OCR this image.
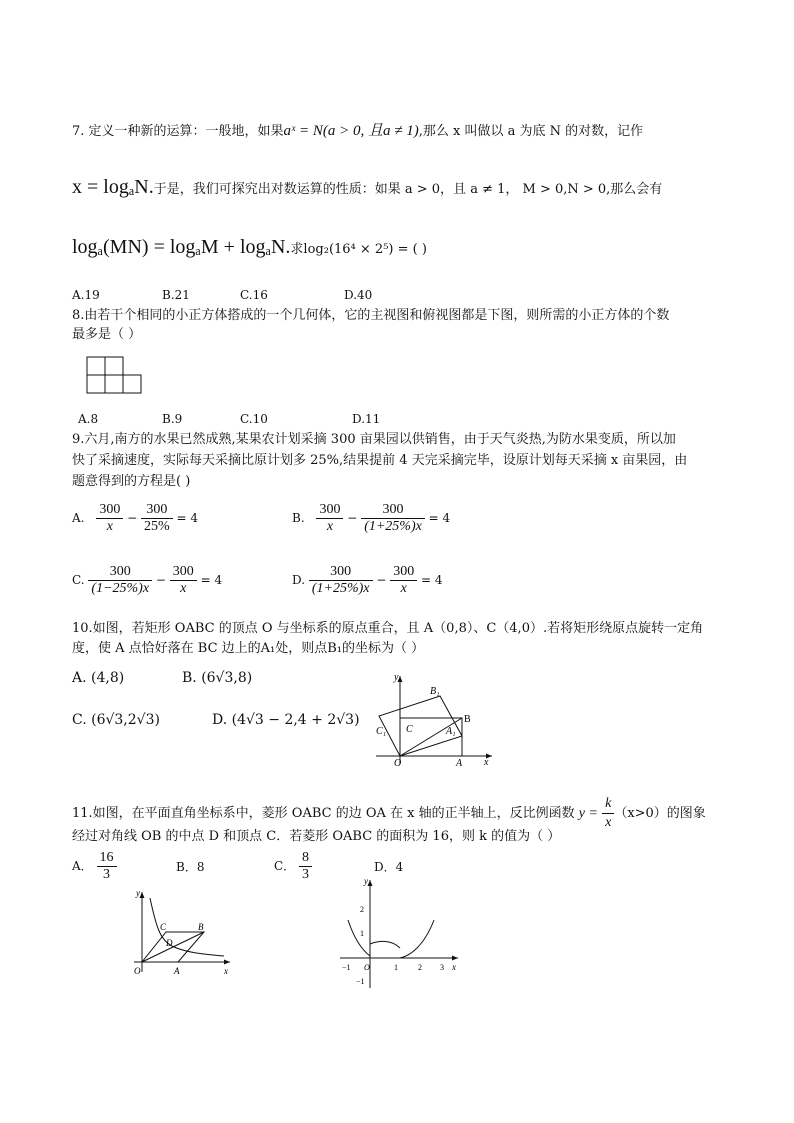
7. 定义一种新的运算：一般地，如果aˣ = N(a > 0, 且a ≠ 1),那么 x 叫做以 a 为底 N 的对数，记作
x = logₐN.于是，我们可探究出对数运算的性质：如果 a > 0，且 a ≠ 1， M > 0,N > 0,那么会有
logₐ(MN) = logₐM + logₐN.求log₂(16⁴ × 2⁵) = ( )
A.19	B.21	C.16	D.40
8.由若干个相同的小正方体搭成的一个几何体，它的主视图和俯视图都是下图，则所需的小正方体的个数
最多是（ ）
A.8	B.9	C.10	D.11
9.六月,南方的水果已然成熟,某果农计划采摘 300 亩果园以供销售，由于天气炎热,为防水果变质，所以加
快了采摘速度，实际每天采摘比原计划多 25%,结果提前 4 天完采摘完毕，设原计划每天采摘 x 亩果园，由
题意得到的方程是( )
A. $\frac{300}{x} - \frac{300}{25\%} = 4$	B. $\frac{300}{x} - \frac{300}{(1+25\%)x} = 4$
C. $\frac{300}{(1-25\%)x} - \frac{300}{x} = 4$	D. $\frac{300}{(1+25\%)x} - \frac{300}{x} = 4$
10.如图，若矩形 OABC 的顶点 O 与坐标系的原点重合，且 A（0,8）、C（4,0）.若将矩形绕原点旋转一定角
度，使 A 点恰好落在 BC 边上的A₁处，则点B₁的坐标为（ ）
A. (4,8)	B. (6√3,8)
C. (6√3,2√3)	D. (4√3 − 2,4 + 2√3)
y
x
O	A
B
C
C₁	A₁
B₁
11.如图，在平面直角坐标系中，菱形 OABC 的边 OA 在 x 轴的正半轴上，反比例函数 $y = \frac{k}{x} (x>0)$的图象
经过对角线 OB 的中点 D 和顶点 C．若菱形 OABC 的面积为 16，则 k 的值为（ ）
A． $\frac{16}{3}$	B．8	C． $\frac{8}{3}$	D．4
y
x
O	A
B
C
D
y
x
O
−1	1	2 3
2
1
−1
